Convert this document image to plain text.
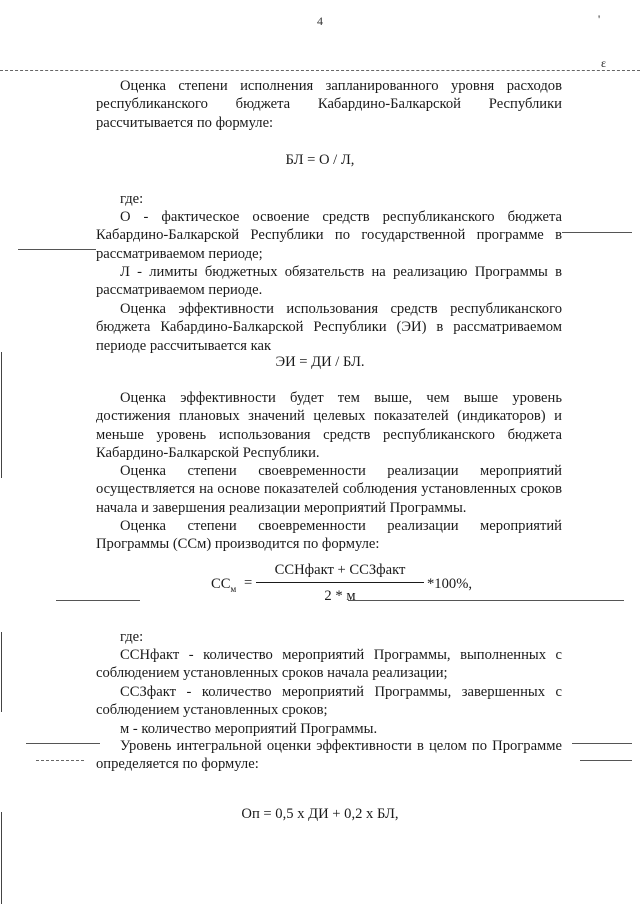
4	'
ɛ
Оценка степени исполнения запланированного уровня расходов республиканского бюджета Кабардино-Балкарской Республики рассчитывается по формуле:
БЛ = О / Л,
где:
О - фактическое освоение средств республиканского бюджета Кабардино-Балкарской Республики по государственной программе в рассматриваемом периоде;
Л - лимиты бюджетных обязательств на реализацию Программы в рассматриваемом периоде.
Оценка эффективности использования средств республиканского бюджета Кабардино-Балкарской Республики (ЭИ) в рассматриваемом периоде рассчитывается как
ЭИ = ДИ / БЛ.
Оценка эффективности будет тем выше, чем выше уровень достижения плановых значений целевых показателей (индикаторов) и меньше уровень использования средств республиканского бюджета Кабардино-Балкарской Республики.
Оценка степени своевременности реализации мероприятий осуществляется на основе показателей соблюдения установленных сроков начала и завершения реализации мероприятий Программы.
Оценка степени своевременности реализации мероприятий Программы (ССм) производится по формуле:
$СС_м$ =
ССНфакт + ССЗфакт
2 * м
*100%,
где:
ССНфакт - количество мероприятий Программы, выполненных с соблюдением установленных сроков начала реализации;
ССЗфакт - количество мероприятий Программы, завершенных с соблюдением установленных сроков;
м - количество мероприятий Программы.
Уровень интегральной оценки эффективности в целом по Программе определяется по формуле:
Оп = 0,5 х ДИ + 0,2 х БЛ,
